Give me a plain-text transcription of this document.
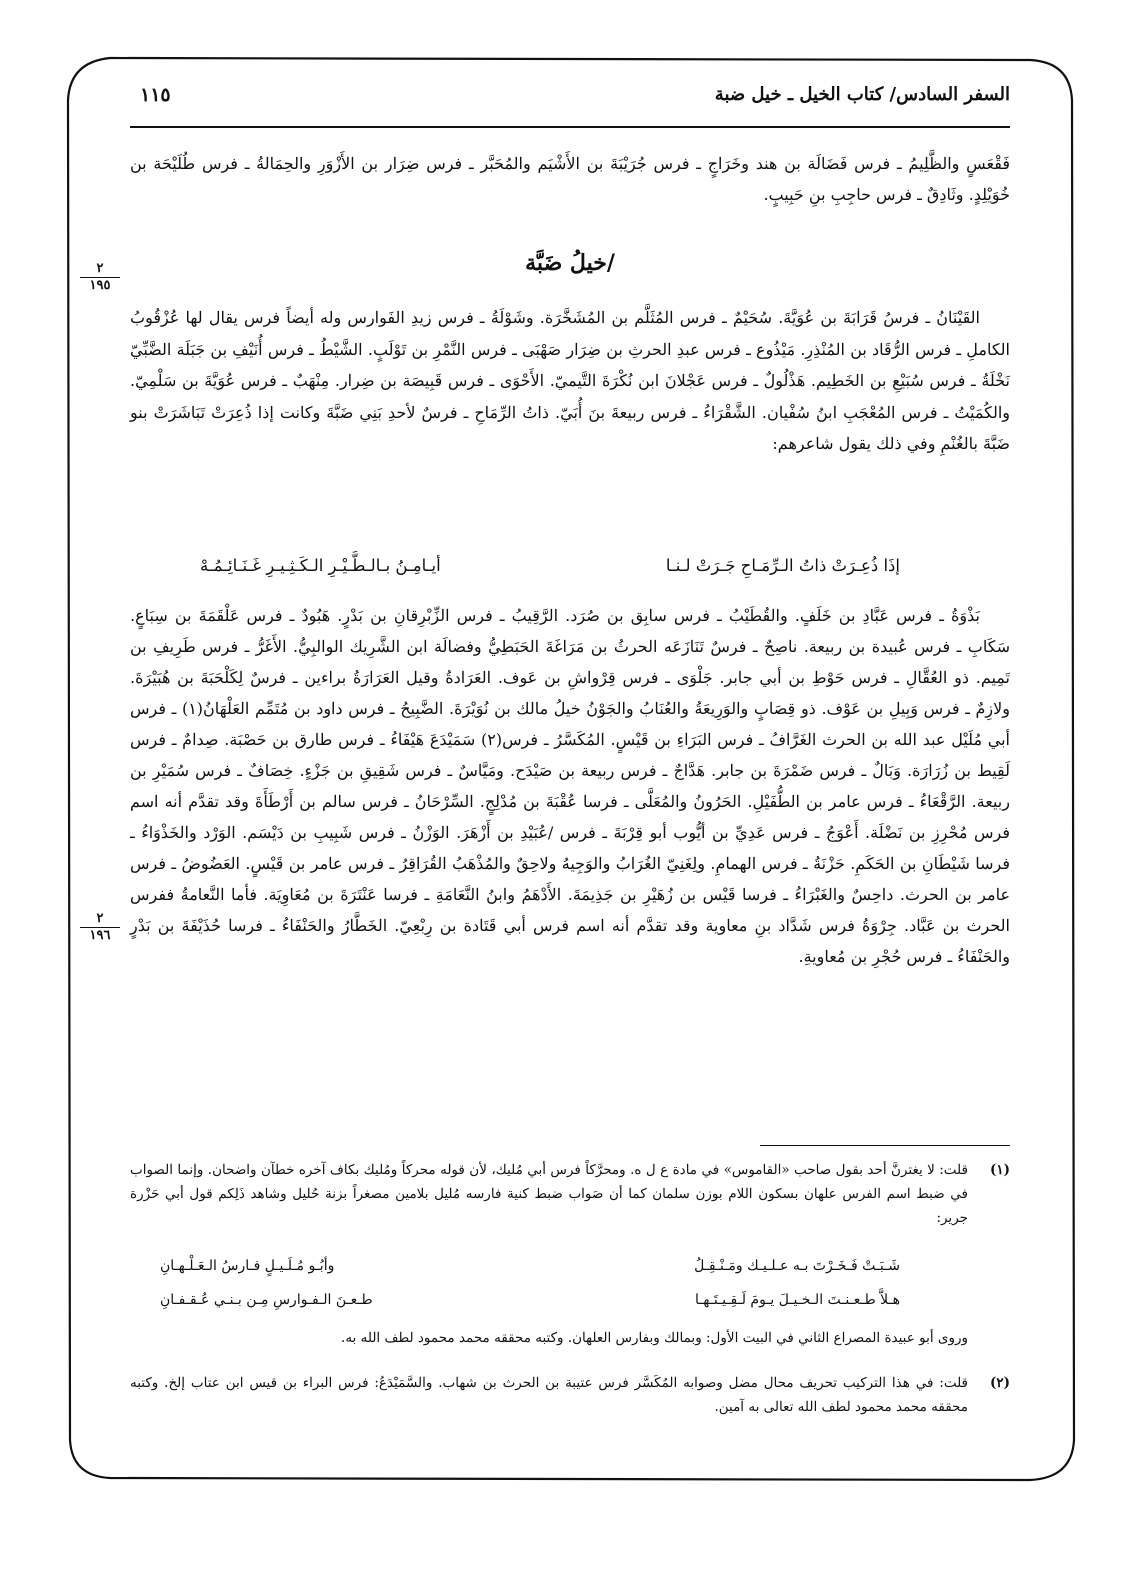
السفر السادس/ كتاب الخيل ـ خيل ضبة
١١٥
٢
١٩٥
٢
١٩٦

فَقْعَسٍ والظَّلِيمُ ـ فرس فَضَالَة بن هند وخَرَاجٍ ـ فرس جُرَيْبَةَ بن الأَشْيَم والمُحَبَّر ـ فرس ضِرَار بن الأَزْوَرِ والحِمَالةُ ـ فرس طُلَيْحَة بن خُوَيْلِدٍ. وثَادِقٌ ـ فرس حاجِبِ بنِ حَبِيبٍ.

/خيلُ ضَبَّة

القَيْنَانُ ـ فرسُ قَرَابَةَ بن عُوَيَّةَ. سُحَيْمٌ ـ فرس المُثَلَّم بن المُشَخَّرَة. وشَوْلَةُ ـ فرس زيدِ الفَوارس وله أيضاً فرس يقال لها عُزْقُوبُ الكاملِ ـ فرس الرُّقَاد بن المُنْذِرِ. مَيْذُوع ـ فرس عبدِ الحرثِ بن ضِرَار صَهْبَى ـ فرس النَّمْرِ بن تَوْلَبٍ. الشَّيْطُ ـ فرس أُنَيْفِ بن جَبَلَة الضَّبِّيّ نَخْلَةُ ـ فرس سُبَيْعِ بن الخَطِيم. هَذْلُولٌ ـ فرس عَجْلانَ ابن نُكْرَةَ التَّيميّ. الأَحْوَى ـ فرس قَبِيصَة بن ضِرار. مِنْهَبٌ ـ فرس عُوَيَّةَ بن سَلْمِيّ. والكُمَيْتُ ـ فرس المُعْجَبِ ابنُ سُفْيان. الشَّقْرَاءُ ـ فرس ربيعةَ بنَ أُبَيّ. ذاتُ الرِّمَاحِ ـ فرسٌ لأحدِ بَنِي ضَبَّةَ وكانت إذا ذُعِرَتْ تَبَاشَرَتْ بنو ضَبَّةَ بالغُنْمِ وفي ذلك يقول شاعرهم:

إذَا ذُعِـرَتْ ذاتُ الـرِّمَـاحِ جَـرَتْ لـنـا
أيـامِـنُ بـالـطَّـيْـرِ الـكَـثِـيـرِ غَـنَـائِـمُـهْ

بَذْوَةُ ـ فرس عَبَّادِ بن خَلَفٍ. والقُطَيْبُ ـ فرس سابِق بن صُرَد. الرَّقِيبُ ـ فرس الزِّبْرِقانِ بن بَدْرٍ. هَبُودٌ ـ فرس عَلْقَمَةَ بن سِبَاعٍ. سَكَابِ ـ فرس عُبيدة بن ربيعة. ناصِحٌ ـ فرسٌ تَنَازَعَه الحرثُ بن مَرَاغَةَ الحَبَطِيُّ وفضالَة ابن الشَّرِيك الوالبِيُّ. الأَغَرُّ ـ فرس طَرِيفِ بن تَمِيم. ذو العُقَّالِ ـ فرس حَوْطِ بن أبي جابر. جَلْوَى ـ فرس قِرْواشِ بن عَوف. العَرَادةُ وقيل العَرَارَةُ براءين ـ فرسٌ لِكَلْحَبَةَ بن هُبَيْرَةَ. ولازِمٌ ـ فرس وَبِيلِ بن عَوْف. ذو قِصَابٍ والوَرِيعَةُ والعُنَابُ والجَوْنُ خيلُ مالك بن نُوَيْرَةَ. الضَّبِيحُ ـ فرس داود بن مُتَمِّم العَلْهَانُ(١) ـ فرس أبي مُلَيْل عبد الله بن الحرث الغَرَّافُ ـ فرس البَرَاءِ بن قَيْسٍ. المُكَسَّرُ ـ فرس(٢) سَمَيْدَعَ هَيْفَاءُ ـ فرس طارق بن حَصْبَة. صِدامٌ ـ فرس لَقِيط بن زُرَارَة. وَبَالٌ ـ فرس ضَمْرَةَ بن جابر. هَدَّاجٌ ـ فرس ربيعة بن صَيْدَح. ومَيَّاسٌ ـ فرس شَقِيقِ بن جَزْءٍ. خِصَافٌ ـ فرس سُمَيْرِ بن ربيعة. الرَّقْعَاءُ ـ فرس عامر بن الطُّفَيْلِ. الحَرُونُ والمُعَلَّى ـ فرسا عُقْبَةَ بن مُدْلِجٍ. السِّرْحَانُ ـ فرس سالم بن أَرْطَأَةَ وقد تقدَّم أنه اسم فرس مُحْرِزِ بن نَضْلَة. أَعْوَجُ ـ فرس عَدِيِّ بن أيُّوب أبو قِرْبَةَ ـ فرس /عُبَيْدِ بن أَزْهَرَ. الوَزْنُ ـ فرس شَبِيبِ بن دَيْسَم. الوَرْد والخَذْوَاءُ ـ فرسا شَيْطَانِ بن الحَكَمِ. حَزْنَةُ ـ فرس الهمامِ. ولِغَنِيّ الغُرَابُ والوَجِيهُ ولاحِقٌ والمُذْهَبُ القُرَاقِرُ ـ فرس عامر بن قَيْسٍ. العَضُوضُ ـ فرس عامر بن الحرث. داحِسٌ والغَبْرَاءُ ـ فرسا قَيْس بن زُهَيْرِ بن جَذِيمَةَ. الأَدْهَمُ وابنُ النَّعَامَةِ ـ فرسا عَنْتَرَةَ بن مُعَاوِيَة. فأما النَّعامةُ ففرس الحرث بن عَبَّاد. جِرْوَةُ فرس شَدَّاد بنِ معاوية وقد تقدَّم أنه اسم فرس أبي قَتَادة بن رِبْعِيّ. الخَطَّارُ والحَنْفَاءُ ـ فرسا حُذَيْفَةَ بن بَدْرٍ والحَنْفَاءُ ـ فرس حُجْرِ بن مُعاويةِ.

(١)
قلت: لا يغترنَّ أحد بقول صاحب «القاموس» في مادة ع ل ه. ومحرَّكاً فرس أبي مُليك، لأن قوله محركاً ومُليك بكاف آخره خطآن واضحان. وإنما الصواب في ضبط اسم الفرس علهان بسكون اللام بوزن سلمان كما أن صَواب ضبط كنية فارسه مُليل بلامين مصغراً بزنة حُليل وشاهد ذَلِكم قول أبي حَزْرة جرير:
شَـبَـتْ فَـخَـرْتَ بـه عـلـيـك ومَـنْـقِـلُ
وأبُـو مُـلَـيـلٍ فـارسُ الـعَـلْـهـانِ
هـلاَّ طـعـنـتَ الـخـيـلَ يـومَ لَـقِـيـتَـهـا
طـعـنَ الـفـوارسِ مِـن بـنـي عُـقـفـانِ
وروى أبو عبيدة المصراع الثاني في البيت الأول: وبمالك وبفارس العلهان. وكتبه محققه محمد محمود لطف الله به.
(٢)
قلت: في هذا التركيب تحريف محال مضل وصوابه المُكَسَّر فرس عتيبة بن الحرث بن شهاب. والسَّمَيْدَعُ: فرس البراء بن قيس ابن عتاب إلخ. وكتبه محققه محمد محمود لطف الله تعالى به آمين.
